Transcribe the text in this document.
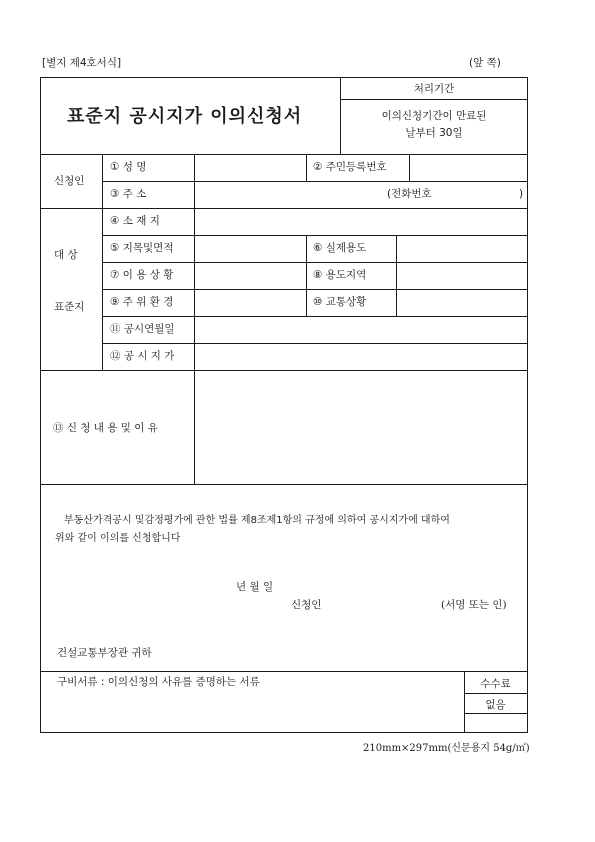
[별지 제4호서식]	(앞 쪽)
표준지 공시지가 이의신청서
처리기간
이의신청기간이 만료된
날부터 30일
신청인
① 성 명	② 주민등록번호
③ 주 소	(전화번호	)
대 상
표준지
④ 소 재 지
⑤ 지목및면적	⑥ 실제용도
⑦ 이 용 상 황	⑧ 용도지역
⑨ 주 위 환 경	⑩ 교통상황
⑪ 공시연월일
⑫ 공 시 지 가
⑬ 신 청 내 용 및 이 유
부동산가격공시 및감정평가에 관한 법률 제8조제1항의 규정에 의하여 공시지가에 대하여
위와 같이 이의를 신청합니다
년 월 일
신청인	(서명 또는 인)
건설교통부장관 귀하
구비서류 : 이의신청의 사유를 증명하는 서류	수수료
없음
210mm×297mm(신문용지 54g/㎡)
